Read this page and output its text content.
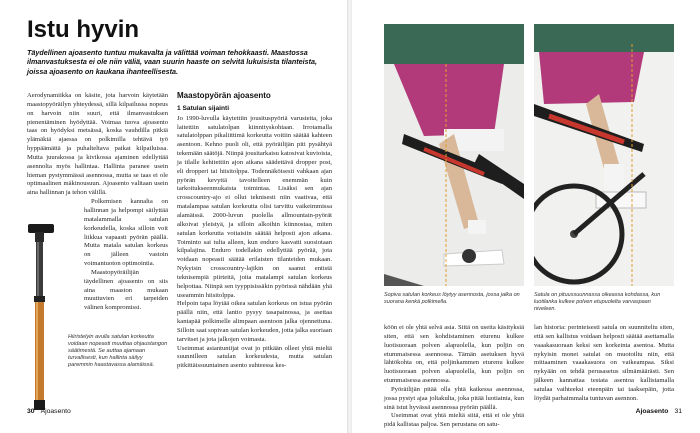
Istu hyvin

Täydellinen ajoasento tuntuu mukavalta ja välittää voiman tehokkaasti. Maastossa ilmanvastuksesta ei ole niin väliä, vaan suurin haaste on selvitä lukuisista tilanteista, joissa ajoasento on kaukana ihanteellisesta.

Aerodynamiikka on käsite, jota harvoin käytetään maastopyöräilyn yhteydessä, sillä kilpailussa nopeus on harvoin niin suuri, että ilmanvastuksen pienentäminen hyödyttää. Voimaa tuova ajoasento taas on hyödyksi metsässä, koska vauhdilla pitkiä ylämäkiä ajaessa on polkimilla tehtävä työ hyppäämättä ja puhalteltava paikat kilpailuissa. Mutta juurakossa ja kivikossa ajaminen edellyttää asennolta myös hallintaa. Hallinta paranee usein hieman pystymmässä asennossa, mutta se taas ei ole optimaalinen mäkinousuun. Ajoasento valitaan usein aina hallinnan ja tehon välillä.

Polkemisen kannalta on hallinnan ja helpompi säilyttää matalammalla satulan korkeudella, koska silloin voit liikkua vapaasti pyörän päällä. Mutta matala satulan korkeus on jälleen vastoin voimantuoton optimointia.

Maastopyöräilijän täydellinen ajoasento on siis aina maaston mukaan muuttuvien eri tarpeiden välinen kompromissi.

Hiiristelyin avulla satulan korkeutta voidaan nopeasti muuttaa ohjaustangon säätimestä. Se auttaa ajamaan turvallisesti, kun hallinta säilyy paremmin haastavassa alamäissä.

Maastopyörän ajoasento
1 Satulan sijainti

Jo 1990-luvulla käytettiin jousituspyöriä varusteita, joka laitettiin satulatolpan kiinnityskohtaan. Irrotamalla satulatolppan pikaliittimä korkeutta voitiin säätää kahteen asentoon. Kehno puoli oli, että pyöräilijän piti pysähtyä tekemään säätöjä. Niinpä jousitarkaisu katosivat kuvioista, ja tilalle kehitettiin ajon aikana säädettävä dropper post, eli dropperi tai hiisitolppa. Todennäköisesti vahkaan ajan pyörän kevyttä tavoitelleen enemmän kuin tarkoitukseenmukaista toimintaa. Lisäksi sen ajan crosscountry-ajo ei ollut teknisesti niin vaativaa, että matalampaa satulan korkeutta olisi tarvittu vaikeimmissa alamäissä. 2000-luvun puolella allmountain-pyörät alkoivat yleistyä, ja silloin alkoihin kiinnostaa, miten satulan korkeutta voitaisiin säätää helposti ajon aikana. Toiminto sai tulta alleen, kun enduro kasvatti suosiotaan kilpalajina. Enduro todellakin edellyttää pyörää, jota voidaan nopeasti säätää erilaisten tilanteiden mukaan. Nykyisin crosscountry-lajikin on saanut entistä teknisempiä piirteitä, joita matalampi satulan korkeus helpottaa. Niinpä sen tyyppisissäkin pyörissä nähdään yhä useammin hiisitolppa.

Helpoin tapa löytää oikea satulan korkeus on istua pyörän päällä niin, että lantio pysyy tasapainossa, ja asettaa kantapää polkimelle alimpaan asentoon jalka ojennettuna. Silloin saat sopivan satulan korkeuden, jotta jalka suoriaan tarvitset ja jota jalkojen voimasta.

Useimmat asiantuntijat ovat jo pitkään olleet yhtä mieltä suunnilleen satulan korkeudesta, mutta satulan pitkittäissuuntainen asento suhteessa kes-

30 Ajoasento

Sopiva satulan korkeus löytyy asennosta, jossa jalka on suorana kenkä polkimella.

Satula on pituussuunnassa oikeassa kohdassa, kun luotilanka kulkee polven etupuolelta varvaspaan niveleen.

köön ei ole yhtä selvä asia. Siitä on useita käsityksiä siten, että sen kohdistaminen eturenu kulkee luotisuoraan polven alapuolella, kun poljin on etummaisessa asennossa. Tämän asetuksen hyvä lähtökohta on, että poljinkammen eturenu kulkee luotisuoraan polven alapuolella, kun poljin on etummaisessa asennossa.

Pyöräilijän pitää olla yhtä kaikessa asennossa, jossa pystyt ajaa joltakulta, joka pitää luotiainia, kun sinä istut hyvässä asennossa pyörän päällä.

Useimmat ovat yhtä mieltä siitä, että ei ole yhtä pidä kallistaa paljoa. Sen perustana on satu-

lan historia: perinteisesti satula on suunniteltu siten, että sen kallistus voidaan helposti säätää asettamalla vaaakasuoraan keksi sen korkeinta asentoa. Mutta nykyisin monet satulat on muotoiltu niin, että mittaaminen vaaakasuora on vaikeampaa. Siksi nykyään on tehdä perusasetus silmämäärästi. Sen jälkeen kannattaa testata asentoa kallistamalla satulaa vaihteeksi eteenpäin tai taaksepäin, jotta löydät parhaimmalta tuntuvan asennon.

Ajoasento 31
